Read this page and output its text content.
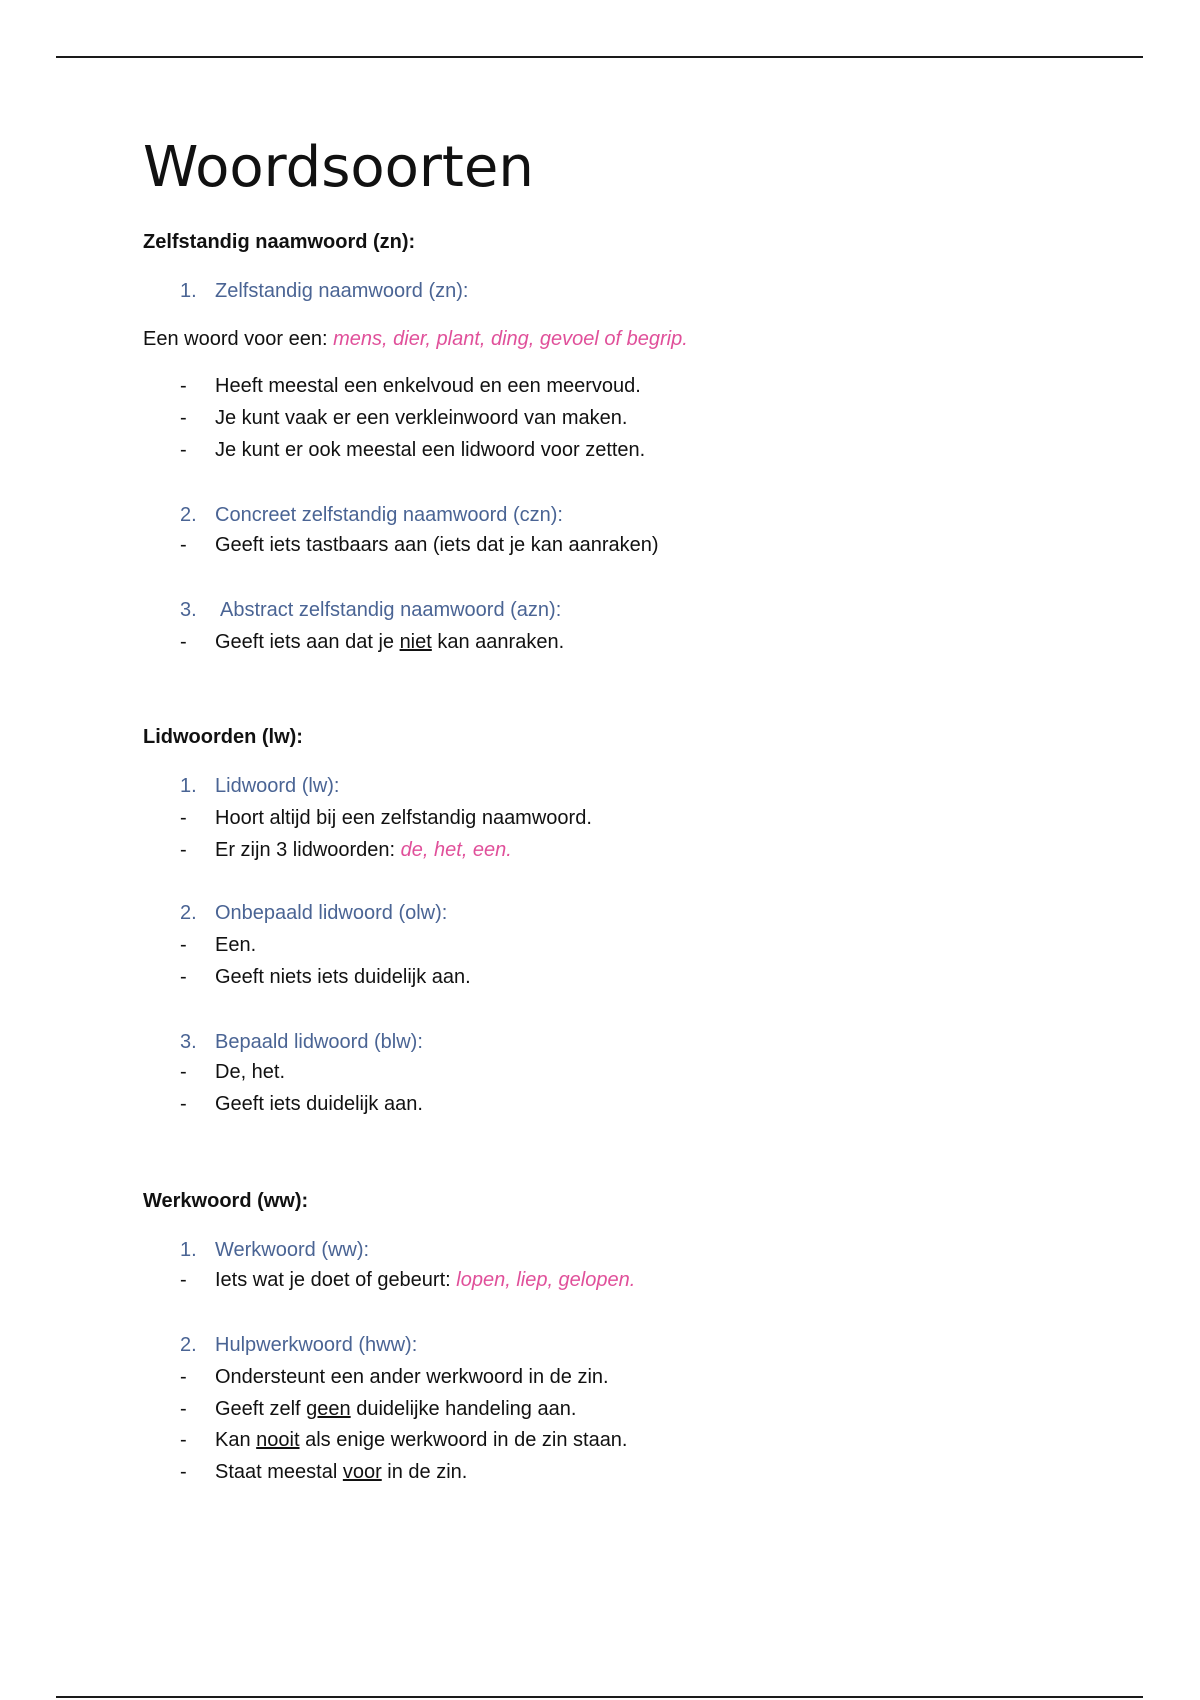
Woordsoorten
Zelfstandig naamwoord (zn):
1. Zelfstandig naamwoord (zn):
Een woord voor een: mens, dier, plant, ding, gevoel of begrip.
- Heeft meestal een enkelvoud en een meervoud.
- Je kunt vaak er een verkleinwoord van maken.
- Je kunt er ook meestal een lidwoord voor zetten.
2. Concreet zelfstandig naamwoord (czn):
- Geeft iets tastbaars aan (iets dat je kan aanraken)
3. Abstract zelfstandig naamwoord (azn):
- Geeft iets aan dat je niet kan aanraken.
Lidwoorden (lw):
1. Lidwoord (lw):
- Hoort altijd bij een zelfstandig naamwoord.
- Er zijn 3 lidwoorden: de, het, een.
2. Onbepaald lidwoord (olw):
- Een.
- Geeft niets iets duidelijk aan.
3. Bepaald lidwoord (blw):
- De, het.
- Geeft iets duidelijk aan.
Werkwoord (ww):
1. Werkwoord (ww):
- Iets wat je doet of gebeurt: lopen, liep, gelopen.
2. Hulpwerkwoord (hww):
- Ondersteunt een ander werkwoord in de zin.
- Geeft zelf geen duidelijke handeling aan.
- Kan nooit als enige werkwoord in de zin staan.
- Staat meestal voor in de zin.
